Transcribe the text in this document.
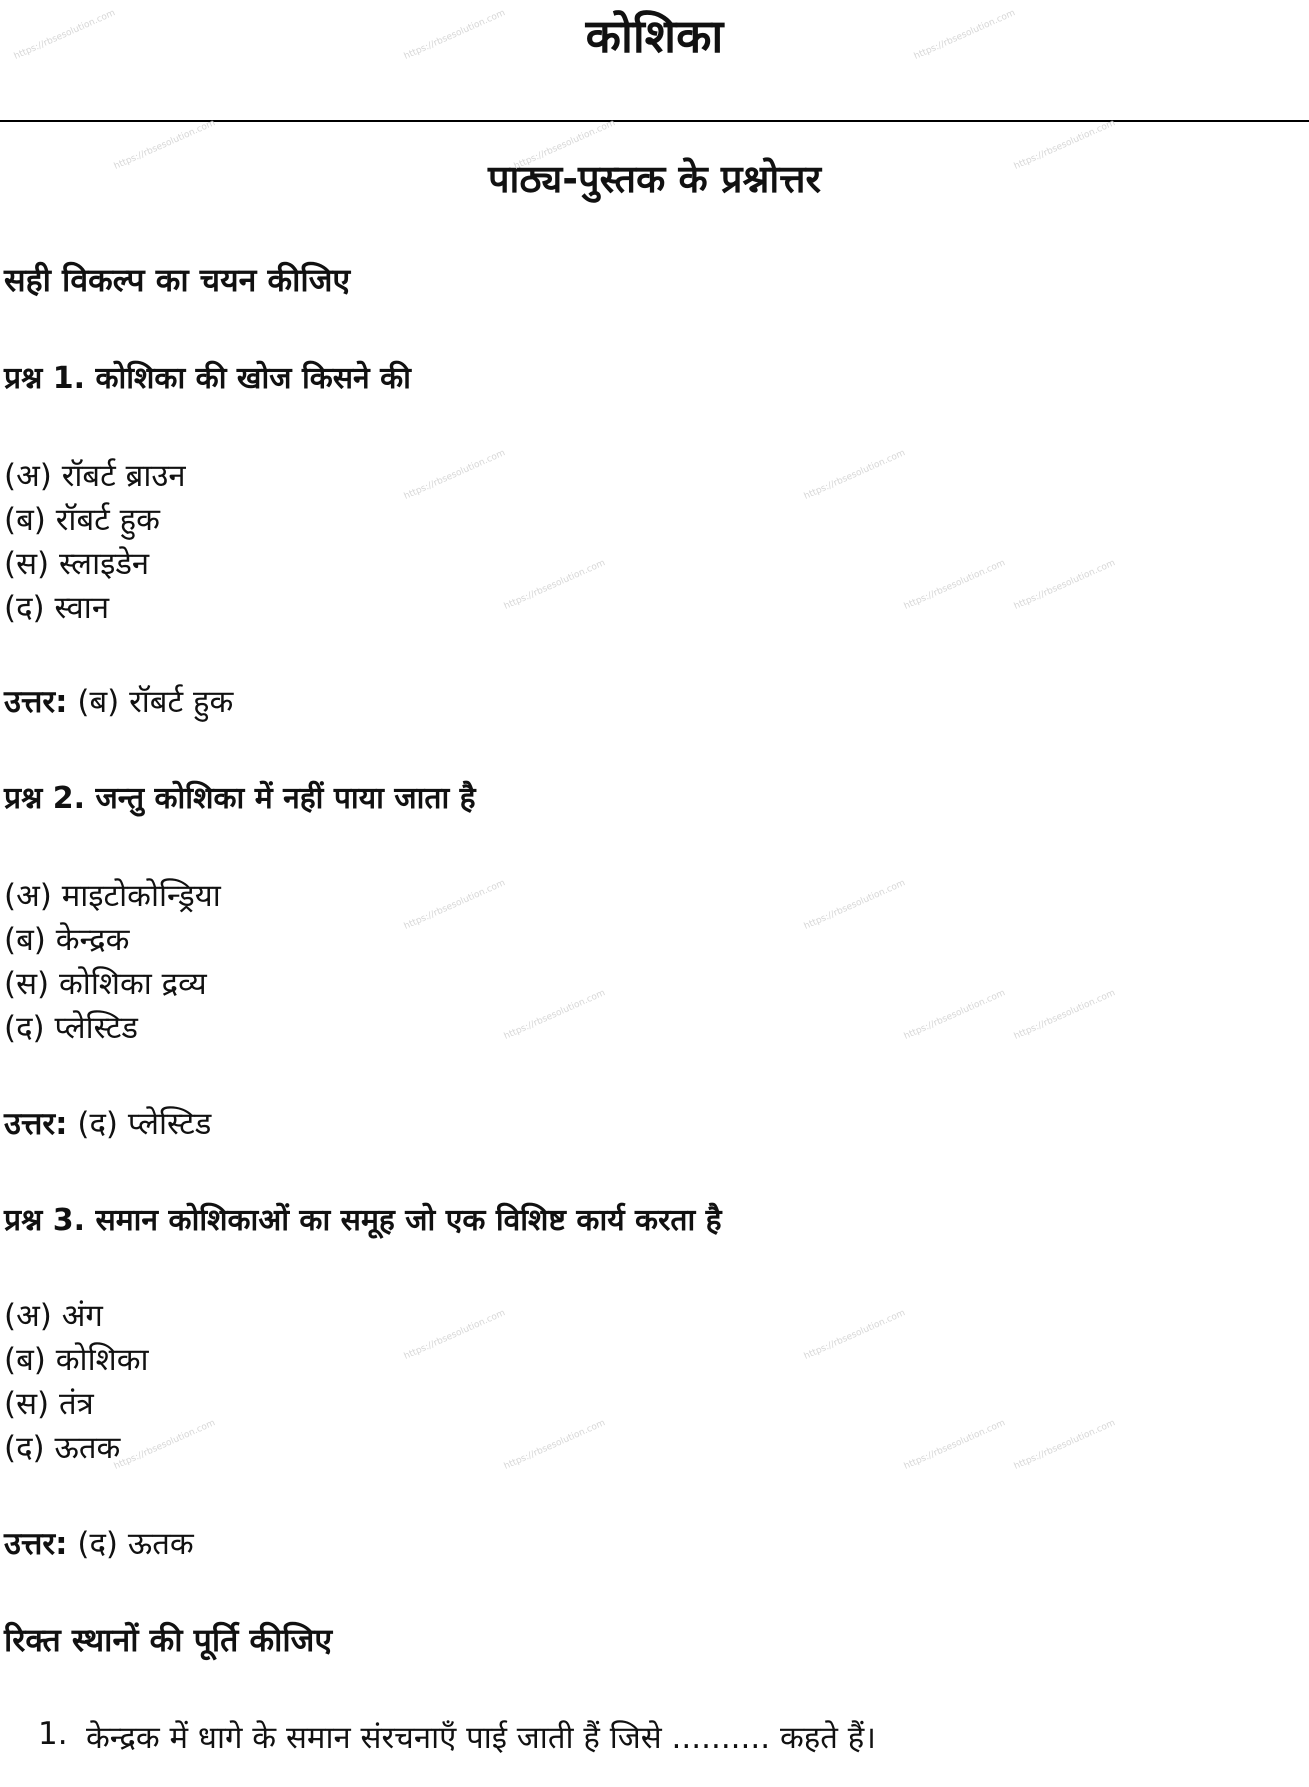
कोशिका
पाठ्य-पुस्तक के प्रश्नोत्तर
सही विकल्प का चयन कीजिए
प्रश्न 1. कोशिका की खोज किसने की
(अ) रॉबर्ट ब्राउन
(ब) रॉबर्ट हुक
(स) स्लाइडेन
(द) स्वान
उत्तर: (ब) रॉबर्ट हुक
प्रश्न 2. जन्तु कोशिका में नहीं पाया जाता है
(अ) माइटोकोन्ड्रिया
(ब) केन्द्रक
(स) कोशिका द्रव्य
(द) प्लेस्टिड
उत्तर: (द) प्लेस्टिड
प्रश्न 3. समान कोशिकाओं का समूह जो एक विशिष्ट कार्य करता है
(अ) अंग
(ब) कोशिका
(स) तंत्र
(द) ऊतक
उत्तर: (द) ऊतक
रिक्त स्थानों की पूर्ति कीजिए
1. केन्द्रक में धागे के समान संरचनाएँ पाई जाती हैं जिसे .......... कहते हैं।
https://rbsesolution.com	https://rbsesolution.com	https://rbsesolution.com
https://rbsesolution.com	https://rbsesolution.com	https://rbsesolution.com
https://rbsesolution.com	https://rbsesolution.com
https://rbsesolution.com	https://rbsesolution.com https://rbsesolution.com
https://rbsesolution.com	https://rbsesolution.com
https://rbsesolution.com	https://rbsesolution.com https://rbsesolution.com
https://rbsesolution.com	https://rbsesolution.com
https://rbsesolution.com	https://rbsesolution.com	https://rbsesolution.com https://rbsesolution.com
